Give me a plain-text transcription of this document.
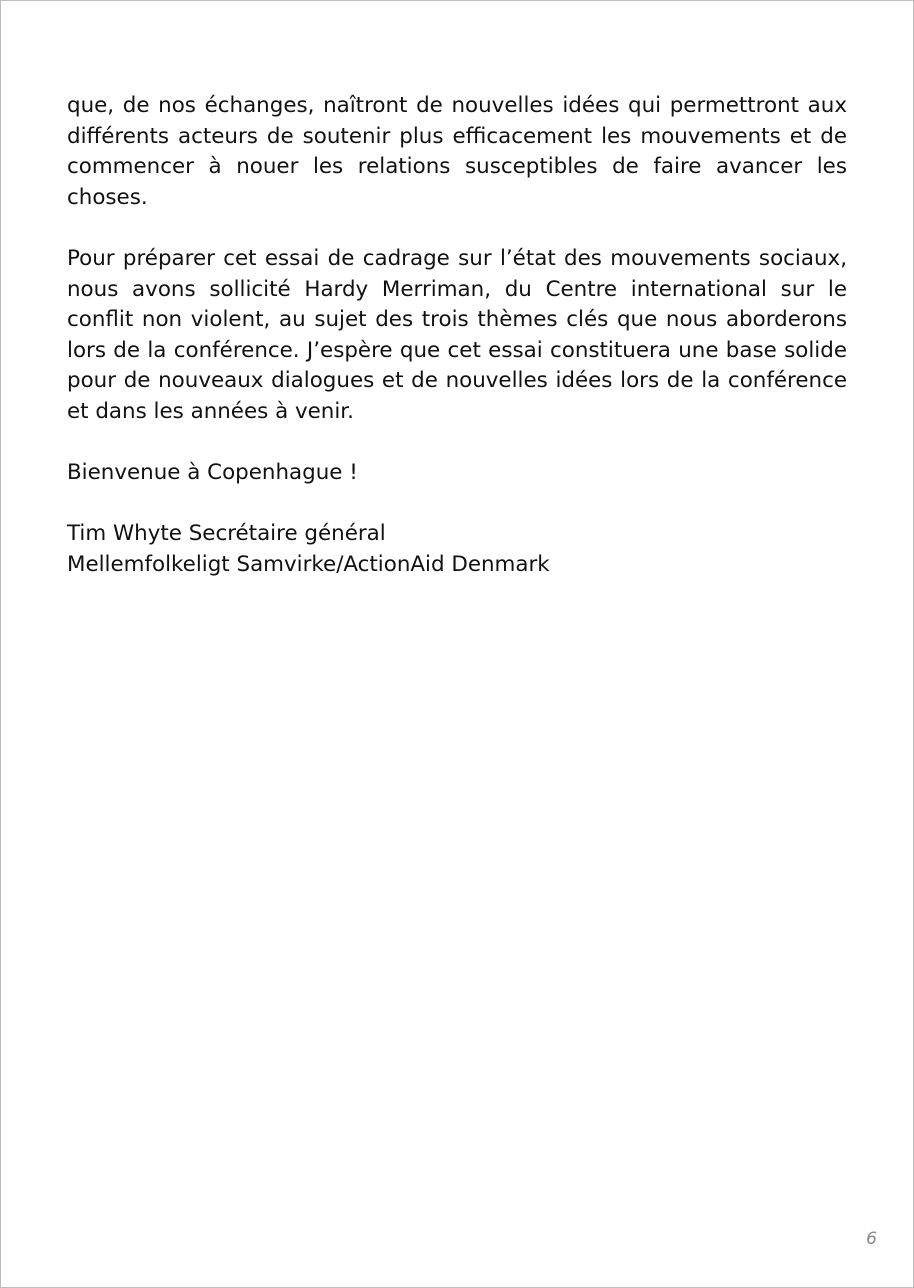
que, de nos échanges, naîtront de nouvelles idées qui permettront aux différents acteurs de soutenir plus efficacement les mouvements et de commencer à nouer les relations susceptibles de faire avancer les choses.

Pour préparer cet essai de cadrage sur l’état des mouvements sociaux, nous avons sollicité Hardy Merriman, du Centre international sur le conflit non violent, au sujet des trois thèmes clés que nous aborderons lors de la conférence. J’espère que cet essai constituera une base solide pour de nouveaux dialogues et de nouvelles idées lors de la conférence et dans les années à venir.

Bienvenue à Copenhague !

Tim Whyte Secrétaire général

Mellemfolkeligt Samvirke/ActionAid Denmark

6
